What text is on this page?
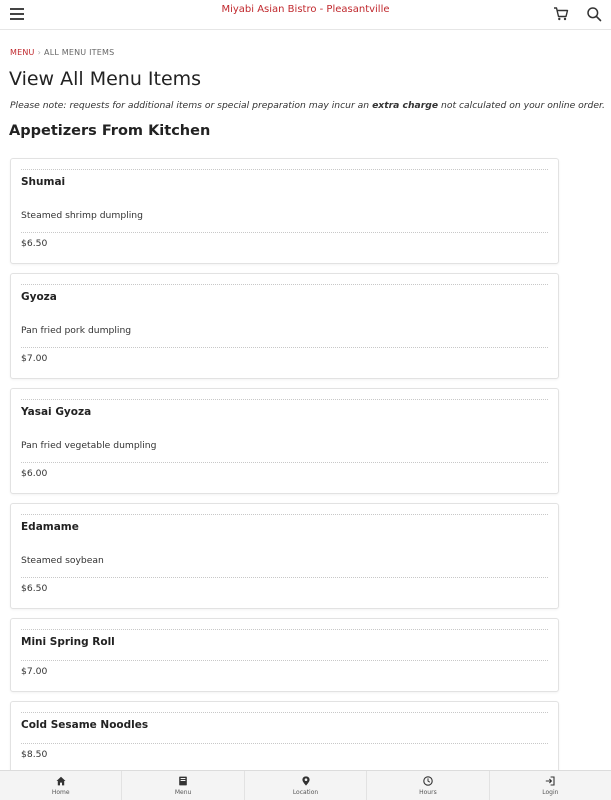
Miyabi Asian Bistro - Pleasantville
MENU › ALL MENU ITEMS
View All Menu Items

Please note: requests for additional items or special preparation may incur an extra charge not calculated on your online order.

Appetizers From Kitchen
Shumai
Steamed shrimp dumpling
$6.50
Gyoza
Pan fried pork dumpling
$7.00
Yasai Gyoza
Pan fried vegetable dumpling
$6.00
Edamame
Steamed soybean
$6.50
Mini Spring Roll
$7.00
Cold Sesame Noodles
$8.50
Home	Menu	Location	Hours	Login
